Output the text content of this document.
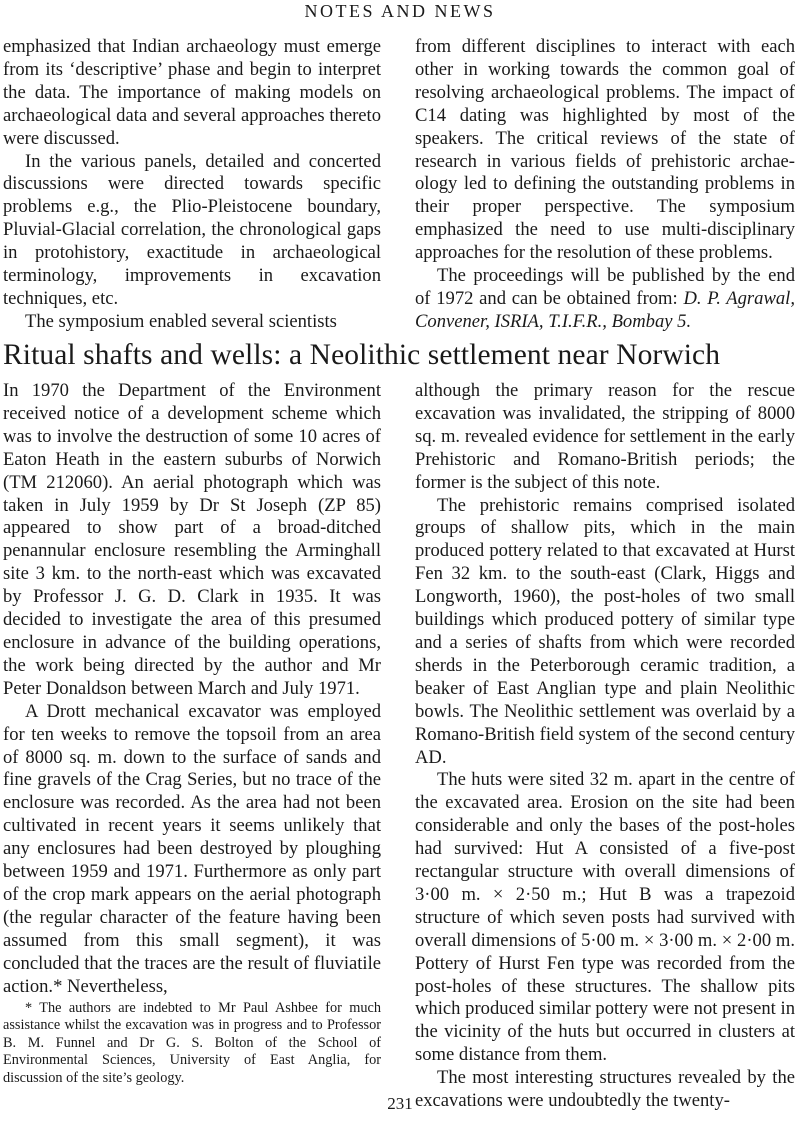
NOTES AND NEWS

emphasized that Indian archaeology must emerge from its ‘descriptive’ phase and begin to interpret the data. The importance of making models on archaeological data and several approaches thereto were discussed.

In the various panels, detailed and concerted discussions were directed towards specific problems e.g., the Plio-Pleistocene boundary, Pluvial-Glacial correlation, the chronological gaps in protohistory, exactitude in archaeological terminology, improvements in excavation techniques, etc.

The symposium enabled several scientists

from different disciplines to interact with each other in working towards the common goal of resolving archaeological problems. The impact of C14 dating was highlighted by most of the speakers. The critical reviews of the state of research in various fields of prehistoric archaeology led to defining the outstanding problems in their proper perspective. The symposium emphasized the need to use multi-disciplinary approaches for the resolution of these problems.

The proceedings will be published by the end of 1972 and can be obtained from: D. P. Agrawal, Convener, ISRIA, T.I.F.R., Bombay 5.

Ritual shafts and wells: a Neolithic settlement near Norwich

In 1970 the Department of the Environment received notice of a development scheme which was to involve the destruction of some 10 acres of Eaton Heath in the eastern suburbs of Norwich (TM 212060). An aerial photograph which was taken in July 1959 by Dr St Joseph (ZP 85) appeared to show part of a broad-ditched penannular enclosure resembling the Arminghall site 3 km. to the north-east which was excavated by Professor J. G. D. Clark in 1935. It was decided to investigate the area of this presumed enclosure in advance of the building operations, the work being directed by the author and Mr Peter Donaldson between March and July 1971.

A Drott mechanical excavator was employed for ten weeks to remove the topsoil from an area of 8000 sq. m. down to the surface of sands and fine gravels of the Crag Series, but no trace of the enclosure was recorded. As the area had not been cultivated in recent years it seems unlikely that any enclosures had been destroyed by ploughing between 1959 and 1971. Furthermore as only part of the crop mark appears on the aerial photograph (the regular character of the feature having been assumed from this small segment), it was concluded that the traces are the result of fluviatile action.* Nevertheless,

although the primary reason for the rescue excavation was invalidated, the stripping of 8000 sq. m. revealed evidence for settlement in the early Prehistoric and Romano-British periods; the former is the subject of this note.

The prehistoric remains comprised isolated groups of shallow pits, which in the main produced pottery related to that excavated at Hurst Fen 32 km. to the south-east (Clark, Higgs and Longworth, 1960), the post-holes of two small buildings which produced pottery of similar type and a series of shafts from which were recorded sherds in the Peterborough ceramic tradition, a beaker of East Anglian type and plain Neolithic bowls. The Neolithic settlement was overlaid by a Romano-British field system of the second century AD.

The huts were sited 32 m. apart in the centre of the excavated area. Erosion on the site had been considerable and only the bases of the post-holes had survived: Hut A consisted of a five-post rectangular structure with overall dimensions of 3·00 m. × 2·50 m.; Hut B was a trapezoid structure of which seven posts had survived with overall dimensions of 5·00 m. × 3·00 m. × 2·00 m. Pottery of Hurst Fen type was recorded from the post-holes of these structures. The shallow pits which produced similar pottery were not present in the vicinity of the huts but occurred in clusters at some distance from them.

The most interesting structures revealed by the excavations were undoubtedly the twenty-

* The authors are indebted to Mr Paul Ashbee for much assistance whilst the excavation was in progress and to Professor B. M. Funnel and Dr G. S. Bolton of the School of Environmental Sciences, University of East Anglia, for discussion of the site’s geology.

231
